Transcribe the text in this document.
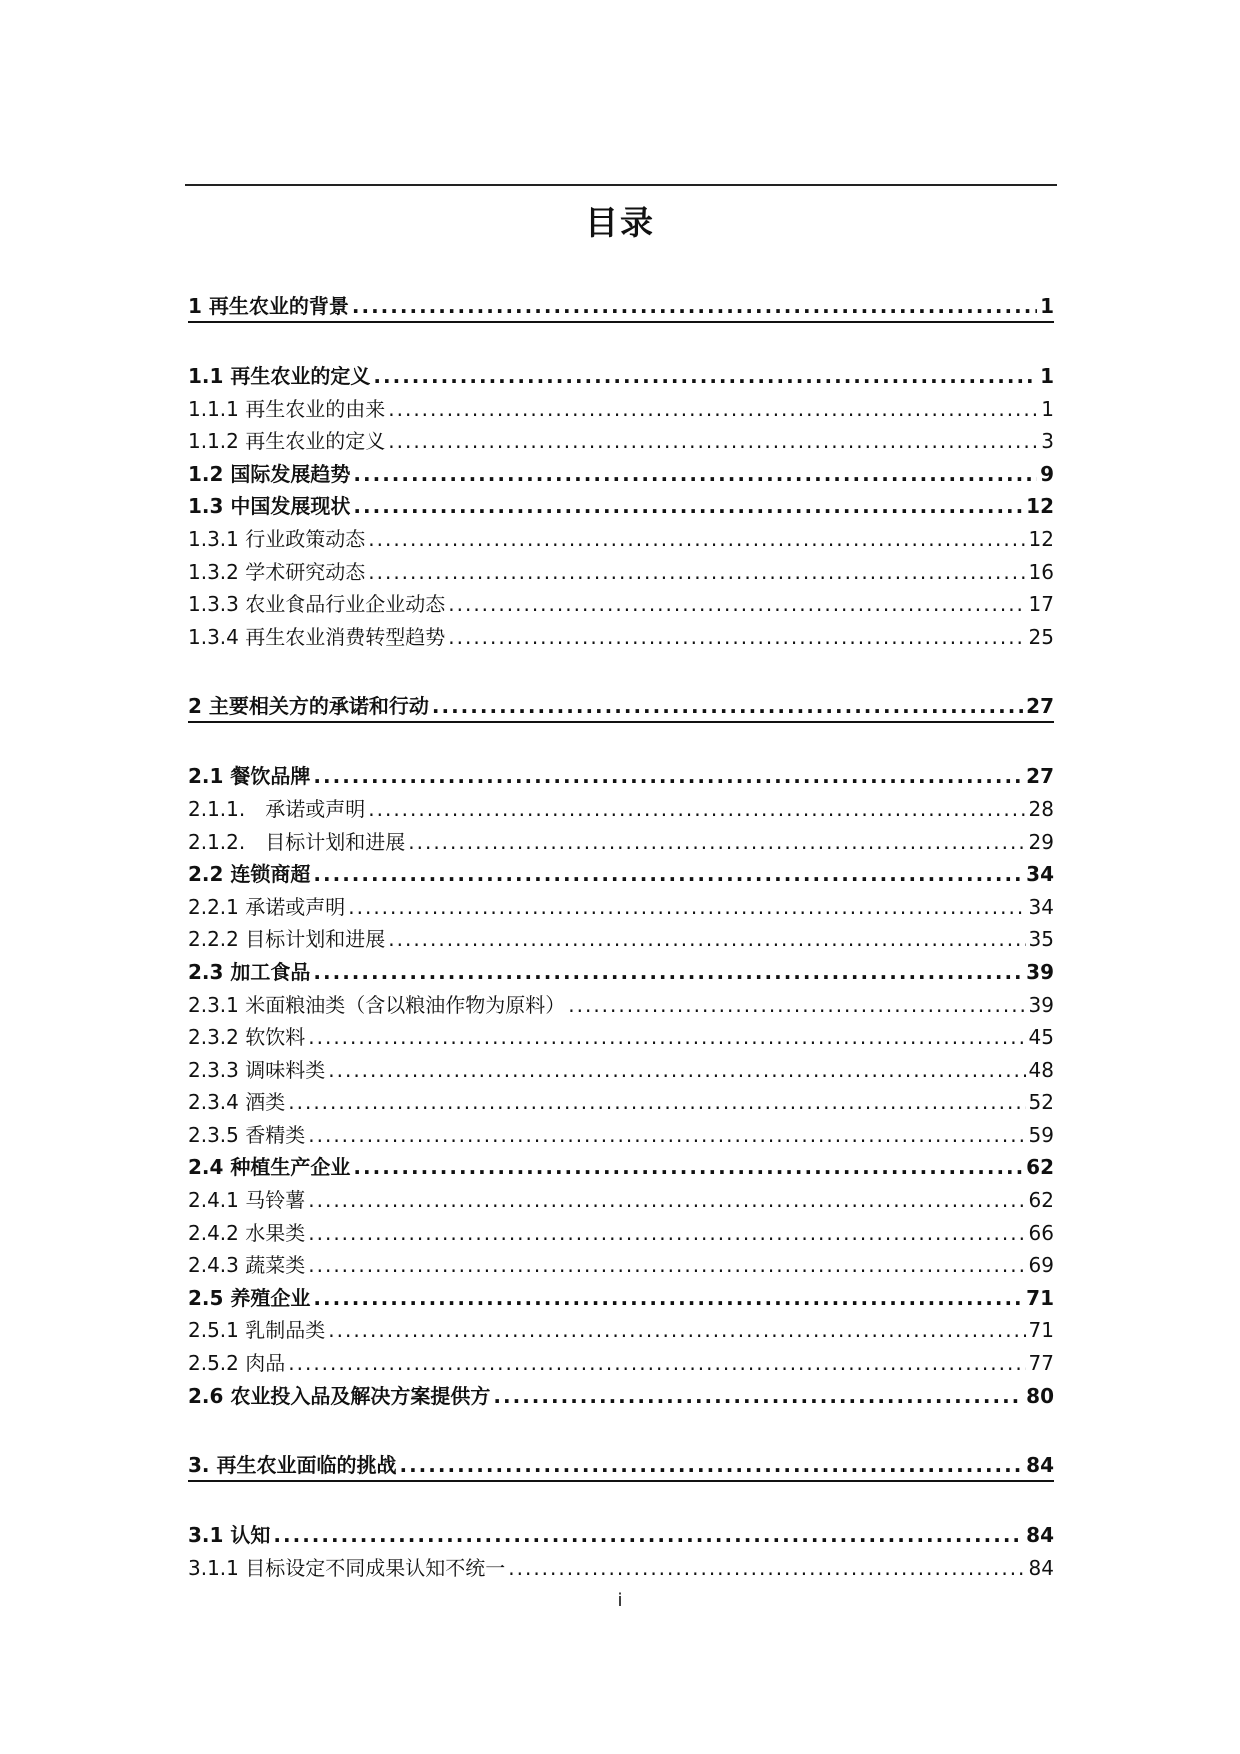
目录
1 再生农业的背景 .....	1
1.1 再生农业的定义 .....	1
1.1.1 再生农业的由来 .....	1
1.1.2 再生农业的定义 .....	3
1.2 国际发展趋势 .....	9
1.3 中国发展现状 .....	12
1.3.1 行业政策动态 .....	12
1.3.2 学术研究动态 .....	16
1.3.3 农业食品行业企业动态 .....	17
1.3.4 再生农业消费转型趋势 .....	25
2 主要相关方的承诺和行动 .....	27
2.1 餐饮品牌 .....	27
2.1.1.　承诺或声明 .....	28
2.1.2.　目标计划和进展 .....	29
2.2 连锁商超 .....	34
2.2.1 承诺或声明 .....	34
2.2.2 目标计划和进展 .....	35
2.3 加工食品 .....	39
2.3.1 米面粮油类（含以粮油作物为原料） .....	39
2.3.2 软饮料 .....	45
2.3.3 调味料类 .....	48
2.3.4 酒类 .....	52
2.3.5 香精类 .....	59
2.4 种植生产企业 .....	62
2.4.1 马铃薯 .....	62
2.4.2 水果类 .....	66
2.4.3 蔬菜类 .....	69
2.5 养殖企业 .....	71
2.5.1 乳制品类 .....	71
2.5.2 肉品 .....	77
2.6 农业投入品及解决方案提供方 .....	80
3. 再生农业面临的挑战 .....	84
3.1 认知 .....	84
3.1.1 目标设定不同成果认知不统一 .....	84
i
